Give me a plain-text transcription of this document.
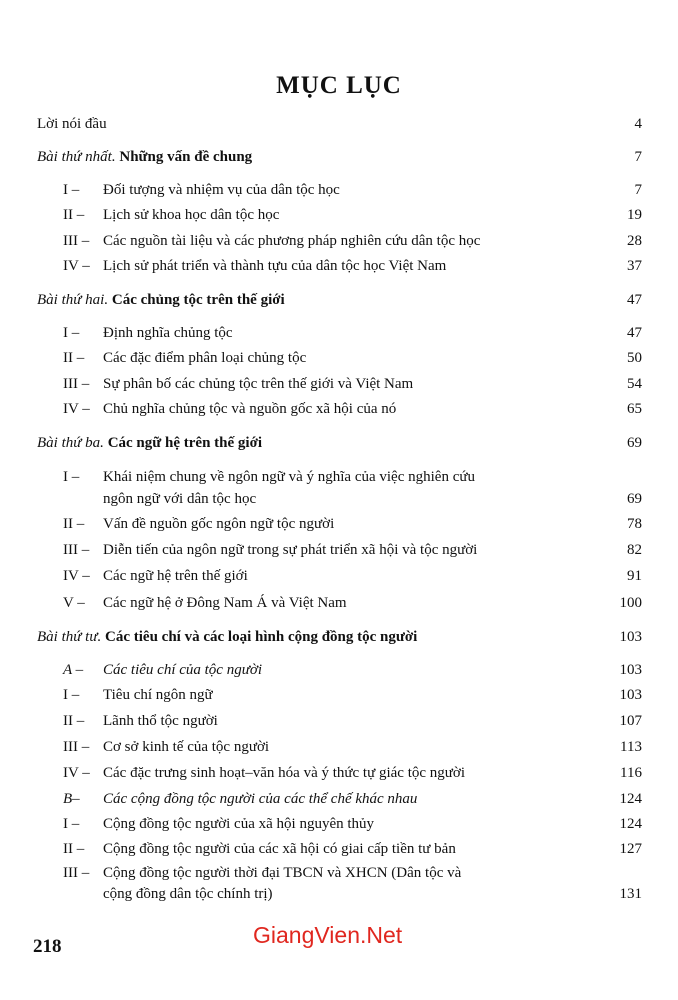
MỤC LỤC
Lời nói đầu	4
Bài thứ nhất. Những vấn đề chung	7
I –	Đối tượng và nhiệm vụ của dân tộc học	7
II –	Lịch sử khoa học dân tộc học	19
III – Các nguồn tài liệu và các phương pháp nghiên cứu dân tộc học	28
IV – Lịch sử phát triển và thành tựu của dân tộc học Việt Nam	37
Bài thứ hai. Các chủng tộc trên thế giới	47
I –	Định nghĩa chủng tộc	47
II –	Các đặc điểm phân loại chủng tộc	50
III – Sự phân bố các chủng tộc trên thế giới và Việt Nam	54
IV – Chủ nghĩa chủng tộc và nguồn gốc xã hội của nó	65
Bài thứ ba. Các ngữ hệ trên thế giới	69
I –	Khái niệm chung về ngôn ngữ và ý nghĩa của việc nghiên cứu
ngôn ngữ với dân tộc học	69
II –	Vấn đề nguồn gốc ngôn ngữ tộc người	78
III – Diễn tiến của ngôn ngữ trong sự phát triển xã hội và tộc người	82
IV – Các ngữ hệ trên thế giới	91
V –	Các ngữ hệ ở Đông Nam Á và Việt Nam	100
Bài thứ tư. Các tiêu chí và các loại hình cộng đồng tộc người	103
A –	Các tiêu chí của tộc người	103
I –	Tiêu chí ngôn ngữ	103
II –	Lãnh thổ tộc người	107
III – Cơ sở kinh tế của tộc người	113
IV – Các đặc trưng sinh hoạt–văn hóa và ý thức tự giác tộc người	116
B–	Các cộng đồng tộc người của các thể chế khác nhau	124
I –	Cộng đồng tộc người của xã hội nguyên thủy	124
II –	Cộng đồng tộc người của các xã hội có giai cấp tiền tư bản	127
III – Cộng đồng tộc người thời đại TBCN và XHCN (Dân tộc và
cộng đồng dân tộc chính trị)	131
218	GiangVien.Net
